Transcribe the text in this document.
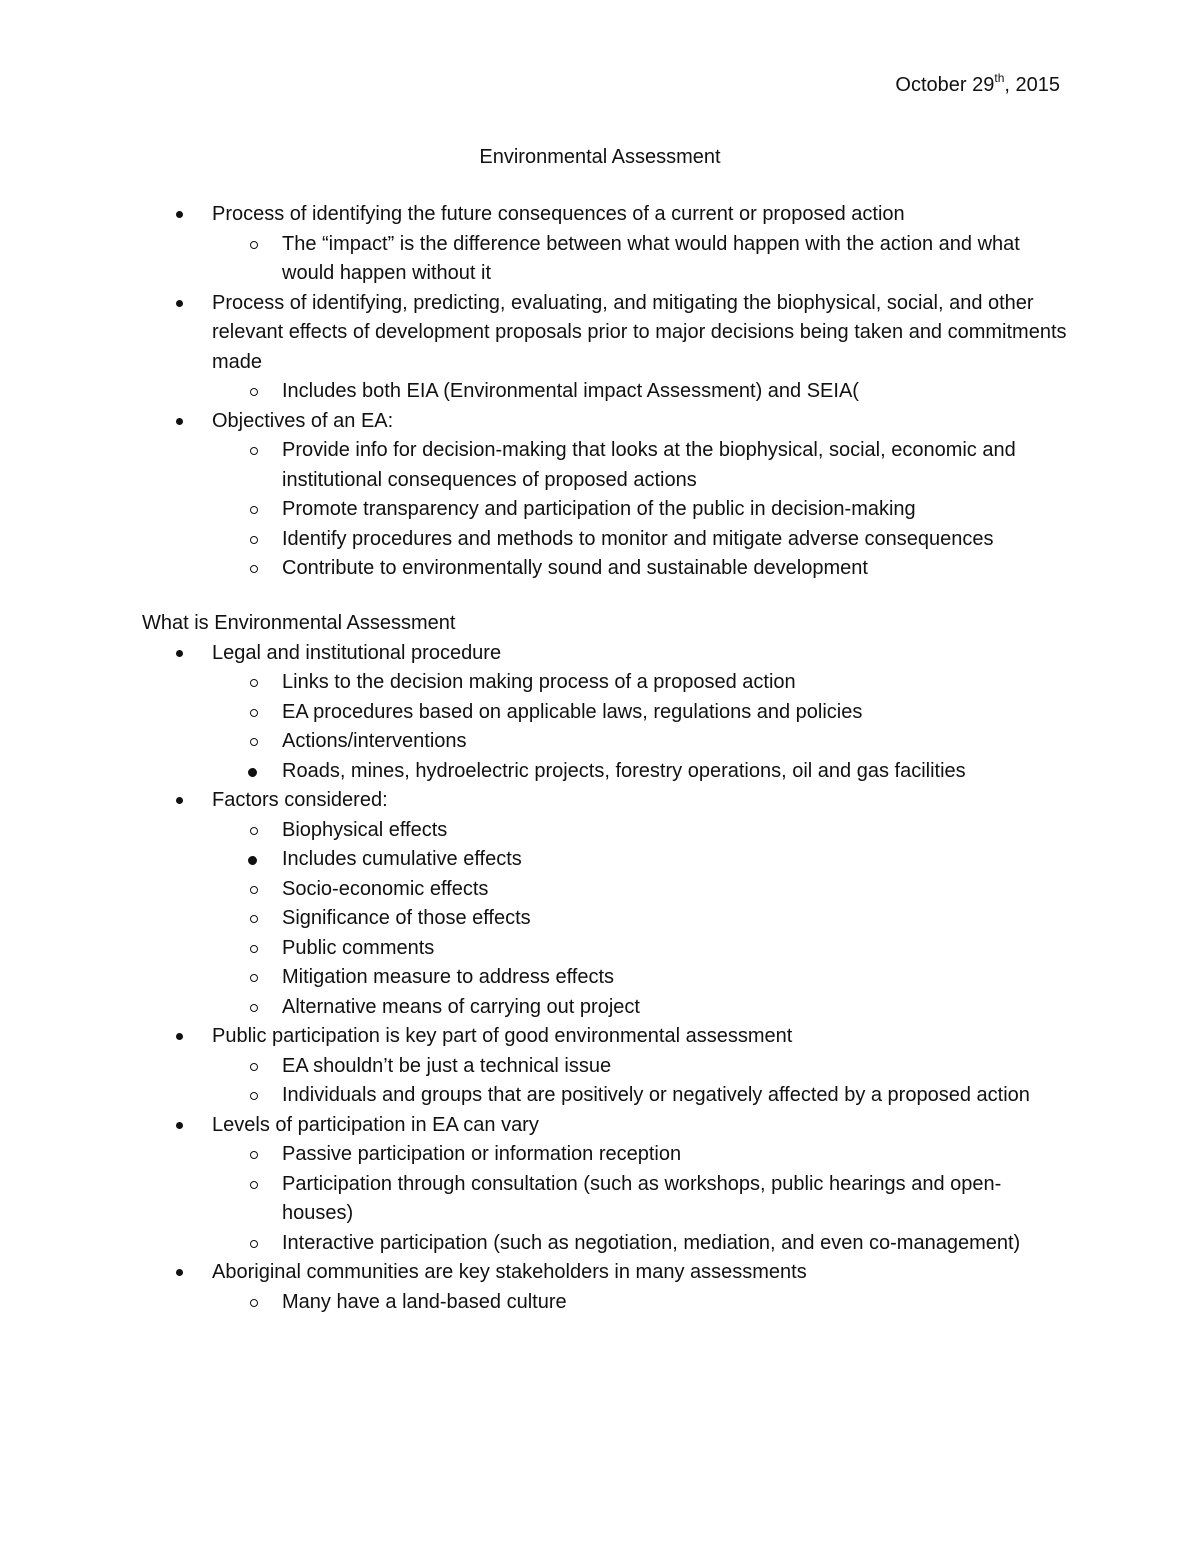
October 29th, 2015
Environmental Assessment
Process of identifying the future consequences of a current or proposed action
The “impact” is the difference between what would happen with the action and what would happen without it
Process of identifying, predicting, evaluating, and mitigating the biophysical, social, and other relevant effects of development proposals prior to major decisions being taken and commitments made
Includes both EIA (Environmental impact Assessment) and SEIA(
Objectives of an EA:
Provide info for decision-making that looks at the biophysical, social, economic and institutional consequences of proposed actions
Promote transparency and participation of the public in decision-making
Identify procedures and methods to monitor and mitigate adverse consequences
Contribute to environmentally sound and sustainable development
What is Environmental Assessment
Legal and institutional procedure
Links to the decision making process of a proposed action
EA procedures based on applicable laws, regulations and policies
Actions/interventions
Roads, mines, hydroelectric projects, forestry operations, oil and gas facilities
Factors considered:
Biophysical effects
Includes cumulative effects
Socio-economic effects
Significance of those effects
Public comments
Mitigation measure to address effects
Alternative means of carrying out project
Public participation is key part of good environmental assessment
EA shouldn’t be just a technical issue
Individuals and groups that are positively or negatively affected by a proposed action
Levels of participation in EA can vary
Passive participation or information reception
Participation through consultation (such as workshops, public hearings and open-houses)
Interactive participation (such as negotiation, mediation, and even co-management)
Aboriginal communities are key stakeholders in many assessments
Many have a land-based culture
